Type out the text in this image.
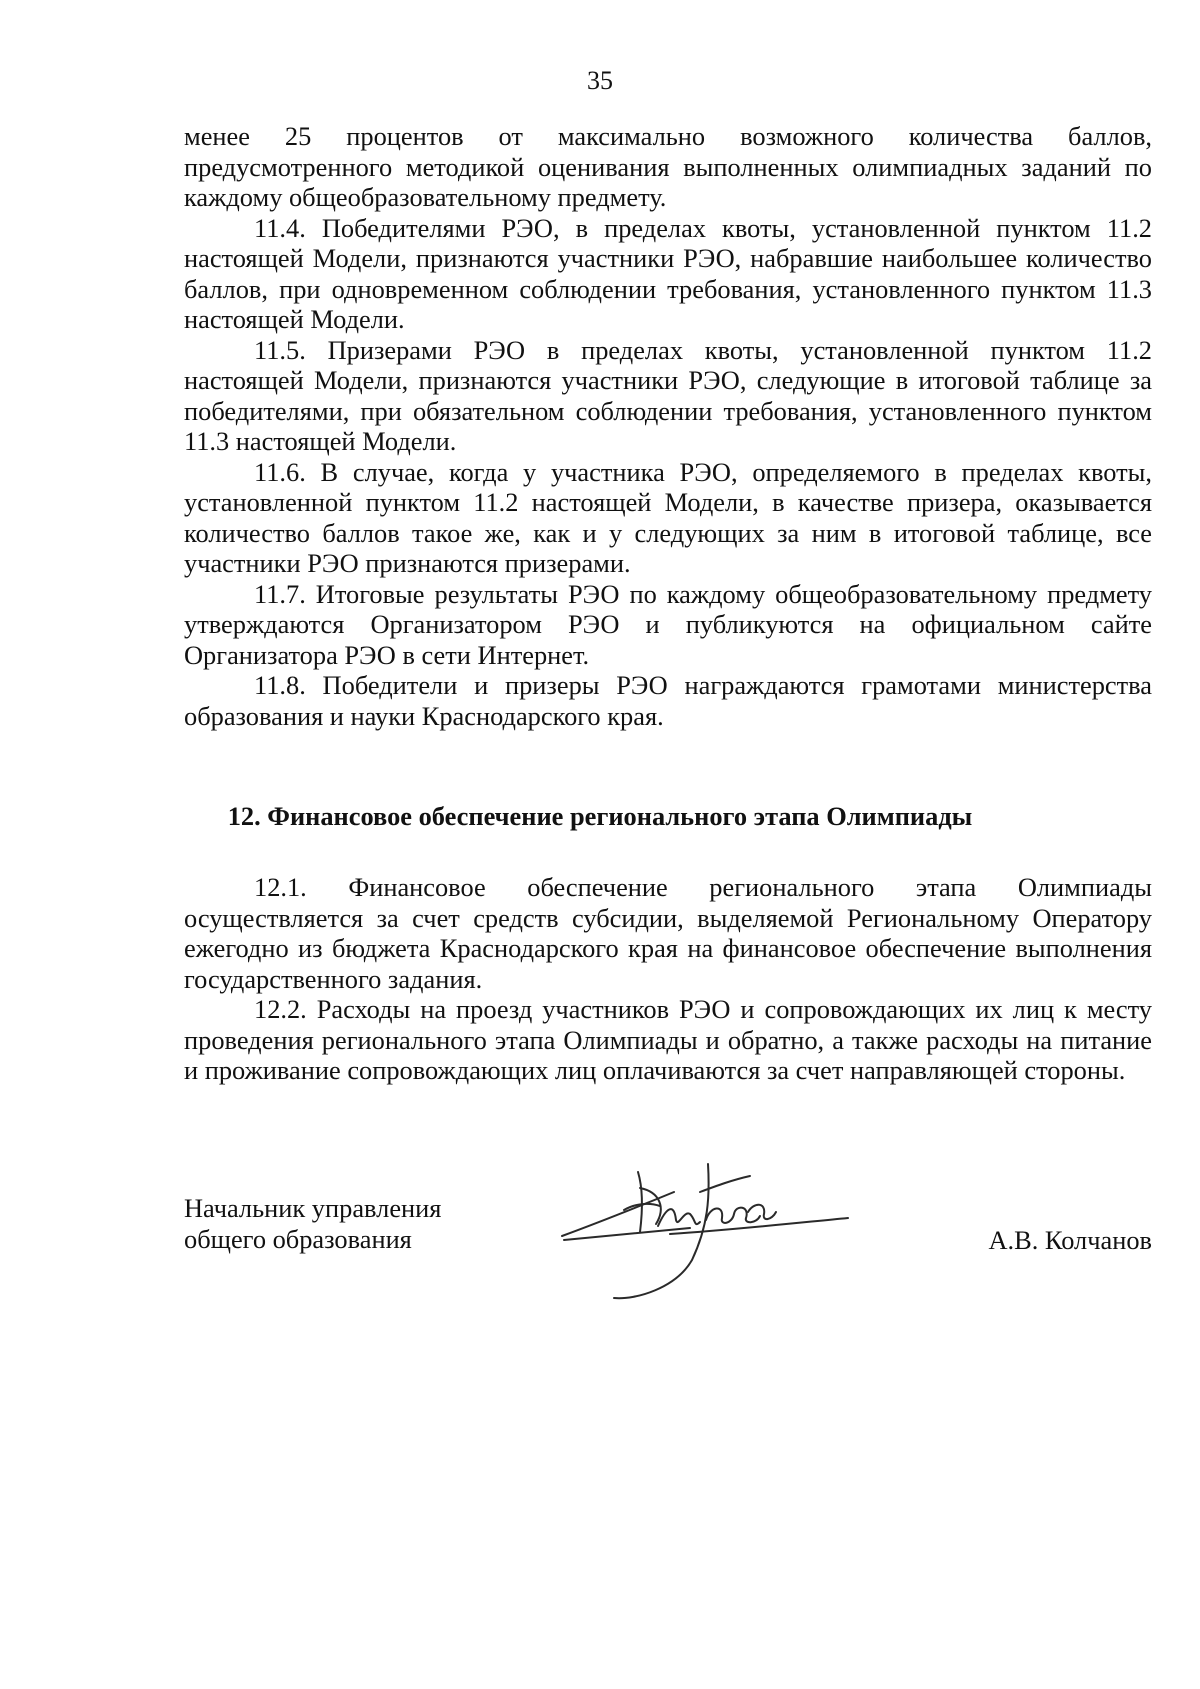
35

менее 25 процентов от максимально возможного количества баллов, предусмотренного методикой оценивания выполненных олимпиадных заданий по каждому общеобразовательному предмету.

11.4. Победителями РЭО, в пределах квоты, установленной пунктом 11.2 настоящей Модели, признаются участники РЭО, набравшие наибольшее количество баллов, при одновременном соблюдении требования, установленного пунктом 11.3 настоящей Модели.

11.5. Призерами РЭО в пределах квоты, установленной пунктом 11.2 настоящей Модели, признаются участники РЭО, следующие в итоговой таблице за победителями, при обязательном соблюдении требования, установленного пунктом 11.3 настоящей Модели.

11.6. В случае, когда у участника РЭО, определяемого в пределах квоты, установленной пунктом 11.2 настоящей Модели, в качестве призера, оказывается количество баллов такое же, как и у следующих за ним в итоговой таблице, все участники РЭО признаются призерами.

11.7. Итоговые результаты РЭО по каждому общеобразовательному предмету утверждаются Организатором РЭО и публикуются на официальном сайте Организатора РЭО в сети Интернет.

11.8. Победители и призеры РЭО награждаются грамотами министерства образования и науки Краснодарского края.

12. Финансовое обеспечение регионального этапа Олимпиады

12.1. Финансовое обеспечение регионального этапа Олимпиады осуществляется за счет средств субсидии, выделяемой Региональному Оператору ежегодно из бюджета Краснодарского края на финансовое обеспечение выполнения государственного задания.

12.2. Расходы на проезд участников РЭО и сопровождающих их лиц к месту проведения регионального этапа Олимпиады и обратно, а также расходы на питание и проживание сопровождающих лиц оплачиваются за счет направляющей стороны.

Начальник управления
общего образования	А.В. Колчанов
